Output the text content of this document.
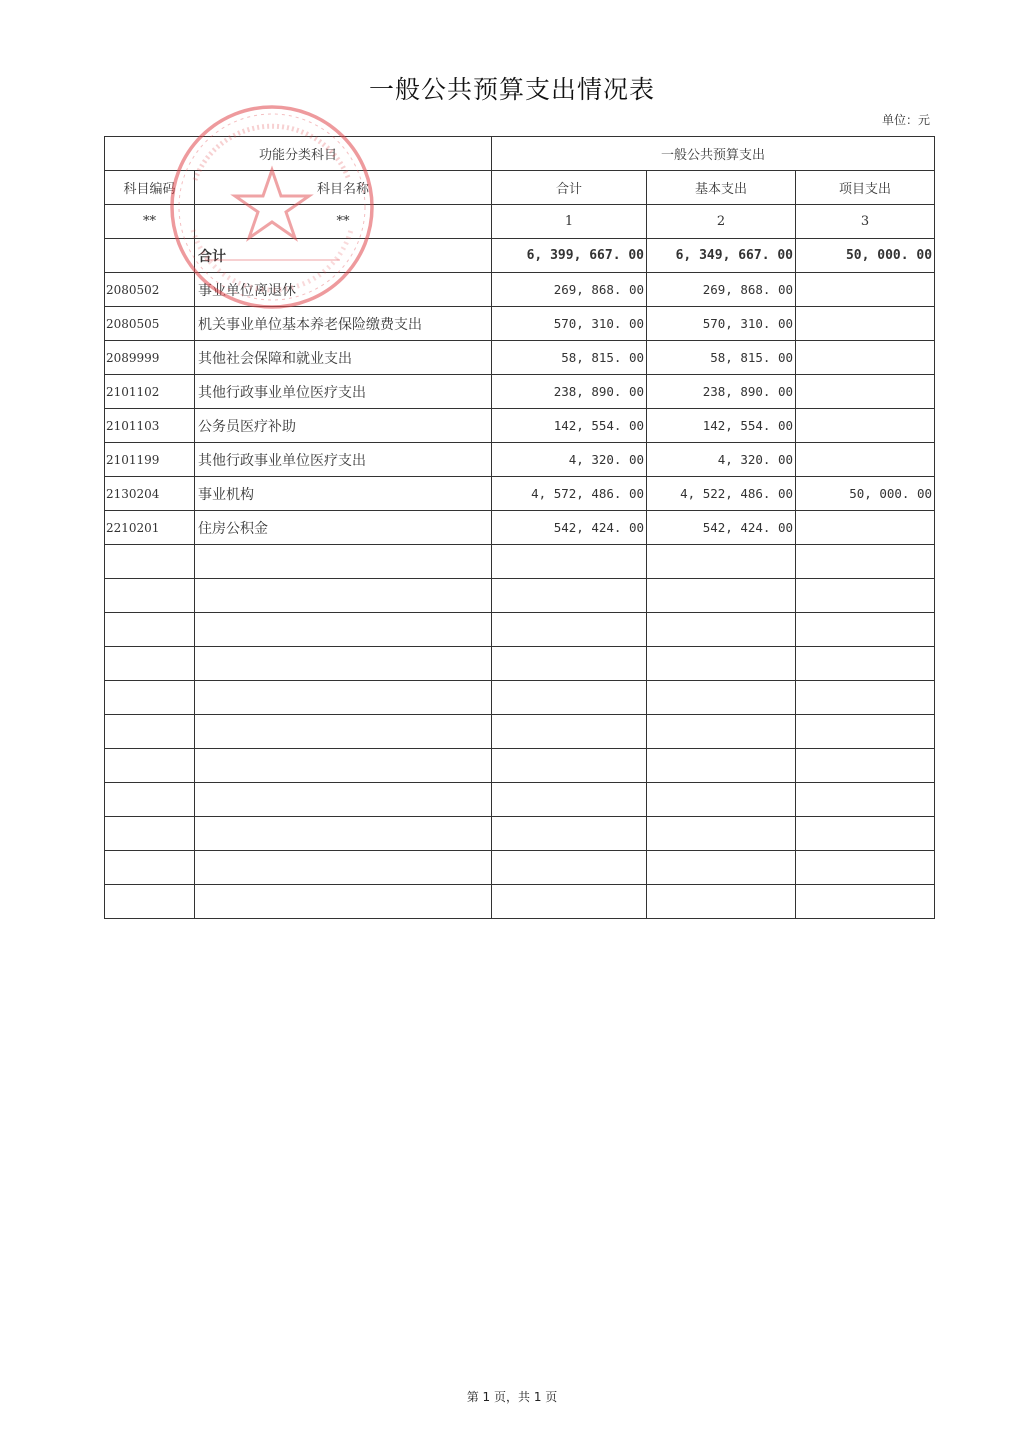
一般公共预算支出情况表
单位：元
功能分类科目		一般公共预算支出		
科目编码	科目名称	合计	基本支出	项目支出
**	**	1	2	3
	合计	6, 399, 667. 00	6, 349, 667. 00	50, 000. 00
2080502	事业单位离退休	269, 868. 00	269, 868. 00	
2080505	机关事业单位基本养老保险缴费支出	570, 310. 00	570, 310. 00	
2089999	其他社会保障和就业支出	58, 815. 00	58, 815. 00	
2101102	其他行政事业单位医疗支出	238, 890. 00	238, 890. 00	
2101103	公务员医疗补助	142, 554. 00	142, 554. 00	
2101199	其他行政事业单位医疗支出	4, 320. 00	4, 320. 00	
2130204	事业机构	4, 572, 486. 00	4, 522, 486. 00	50, 000. 00
2210201	住房公积金	542, 424. 00	542, 424. 00	

第 1 页，共 1 页
